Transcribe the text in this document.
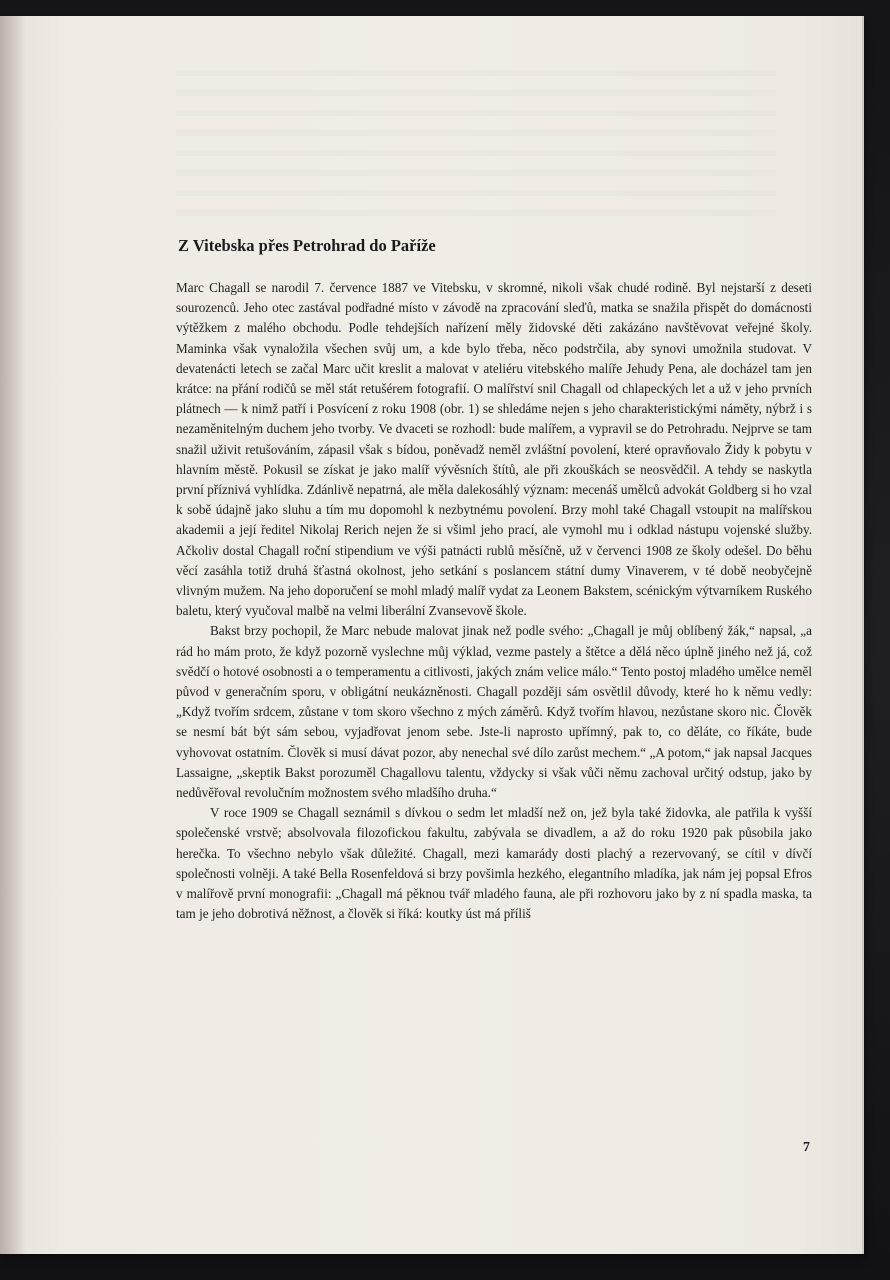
Z Vitebska přes Petrohrad do Paříže

Marc Chagall se narodil 7. července 1887 ve Vitebsku, v skromné, nikoli však chudé rodině. Byl nejstarší z deseti sourozenců. Jeho otec zastával podřadné místo v závodě na zpracování sleďů, matka se snažila přispět do domácnosti výtěžkem z malého obchodu. Podle tehdejších nařízení měly židovské děti zakázáno navštěvovat veřejné školy. Maminka však vynaložila všechen svůj um, a kde bylo třeba, něco podstrčila, aby synovi umožnila studovat. V devatenácti letech se začal Marc učit kreslit a malovat v ateliéru vitebského malíře Jehudy Pena, ale docházel tam jen krátce: na přání rodičů se měl stát retušérem fotografií. O malířství snil Chagall od chlapeckých let a už v jeho prvních plátnech — k nimž patří i Posvícení z roku 1908 (obr. 1) se shledáme nejen s jeho charakteristickými náměty, nýbrž i s nezaměnitelným duchem jeho tvorby. Ve dvaceti se rozhodl: bude malířem, a vypravil se do Petrohradu. Nejprve se tam snažil uživit retušováním, zápasil však s bídou, poněvadž neměl zvláštní povolení, které opravňovalo Židy k pobytu v hlavním městě. Pokusil se získat je jako malíř vývěsních štítů, ale při zkouškách se neosvědčil. A tehdy se naskytla první příznivá vyhlídka. Zdánlivě nepatrná, ale měla dalekosáhlý význam: mecenáš umělců advokát Goldberg si ho vzal k sobě údajně jako sluhu a tím mu dopomohl k nezbytnému povolení. Brzy mohl také Chagall vstoupit na malířskou akademii a její ředitel Nikolaj Rerich nejen že si všiml jeho prací, ale vymohl mu i odklad nástupu vojenské služby. Ačkoliv dostal Chagall roční stipendium ve výši patnácti rublů měsíčně, už v červenci 1908 ze školy odešel. Do běhu věcí zasáhla totiž druhá šťastná okolnost, jeho setkání s poslancem státní dumy Vinaverem, v té době neobyčejně vlivným mužem. Na jeho doporučení se mohl mladý malíř vydat za Leonem Bakstem, scénickým výtvarníkem Ruského baletu, který vyučoval malbě na velmi liberální Zvansevově škole.

Bakst brzy pochopil, že Marc nebude malovat jinak než podle svého: „Chagall je můj oblíbený žák,“ napsal, „a rád ho mám proto, že když pozorně vyslechne můj výklad, vezme pastely a štětce a dělá něco úplně jiného než já, což svědčí o hotové osobnosti a o temperamentu a citlivosti, jakých znám velice málo.“ Tento postoj mladého umělce neměl původ v generačním sporu, v obligátní neukázněnosti. Chagall později sám osvětlil důvody, které ho k němu vedly: „Když tvořím srdcem, zůstane v tom skoro všechno z mých záměrů. Když tvořím hlavou, nezůstane skoro nic. Člověk se nesmí bát být sám sebou, vyjadřovat jenom sebe. Jste-li naprosto upřímný, pak to, co děláte, co říkáte, bude vyhovovat ostatním. Člověk si musí dávat pozor, aby nenechal své dílo zarůst mechem.“ „A potom,“ jak napsal Jacques Lassaigne, „skeptik Bakst porozuměl Chagallovu talentu, vždycky si však vůči němu zachoval určitý odstup, jako by nedůvěřoval revolučním možnostem svého mladšího druha.“

V roce 1909 se Chagall seznámil s dívkou o sedm let mladší než on, jež byla také židovka, ale patřila k vyšší společenské vrstvě; absolvovala filozofickou fakultu, zabývala se divadlem, a až do roku 1920 pak působila jako herečka. To všechno nebylo však důležité. Chagall, mezi kamarády dosti plachý a rezervovaný, se cítil v dívčí společnosti volněji. A také Bella Rosenfeldová si brzy povšimla hezkého, elegantního mladíka, jak nám jej popsal Efros v malířově první monografii: „Chagall má pěknou tvář mladého fauna, ale při rozhovoru jako by z ní spadla maska, ta tam je jeho dobrotivá něžnost, a člověk si říká: koutky úst má příliš

7
